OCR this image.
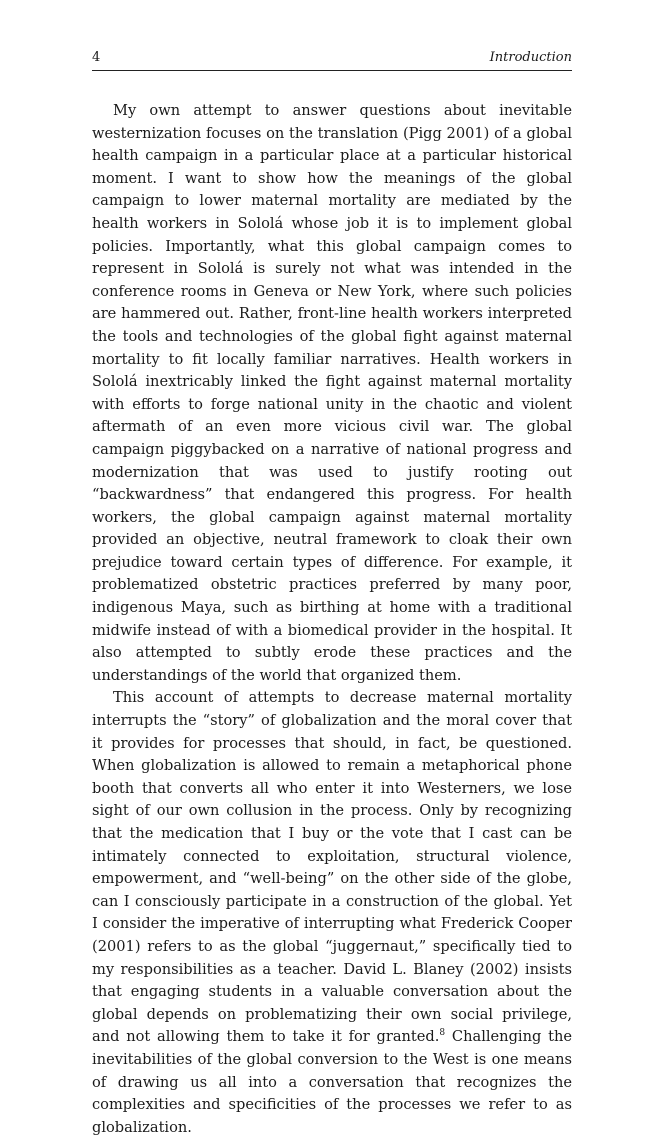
4	Introduction

My own attempt to answer questions about inevitable westernization focuses on the translation (Pigg 2001) of a global health campaign in a particular place at a particular historical moment. I want to show how the meanings of the global campaign to lower maternal mortality are mediated by the health workers in Sololá whose job it is to implement global policies. Importantly, what this global campaign comes to represent in Sololá is surely not what was intended in the conference rooms in Geneva or New York, where such policies are hammered out. Rather, front-line health workers interpreted the tools and technologies of the global fight against maternal mortality to fit locally familiar narratives. Health workers in Sololá inextricably linked the fight against maternal mortality with efforts to forge national unity in the chaotic and violent aftermath of an even more vicious civil war. The global campaign piggybacked on a narrative of national progress and modernization that was used to justify rooting out “backwardness” that endangered this progress. For health workers, the global campaign against maternal mortality provided an objective, neutral framework to cloak their own prejudice toward certain types of difference. For example, it problematized obstetric practices preferred by many poor, indigenous Maya, such as birthing at home with a traditional midwife instead of with a biomedical provider in the hospital. It also attempted to subtly erode these practices and the understandings of the world that organized them.

This account of attempts to decrease maternal mortality interrupts the “story” of globalization and the moral cover that it provides for processes that should, in fact, be questioned. When globalization is allowed to remain a metaphorical phone booth that converts all who enter it into Westerners, we lose sight of our own collusion in the process. Only by recognizing that the medication that I buy or the vote that I cast can be intimately connected to exploitation, structural violence, empowerment, and “well-being” on the other side of the globe, can I consciously participate in a construction of the global. Yet I consider the imperative of interrupting what Frederick Cooper (2001) refers to as the global “juggernaut,” specifically tied to my responsibilities as a teacher. David L. Blaney (2002) insists that engaging students in a valuable conversation about the global depends on problematizing their own social privilege, and not allowing them to take it for granted.$^8$ Challenging the inevitabilities of the global conversion to the West is one means of drawing us all into a conversation that recognizes the complexities and specificities of the processes we refer to as globalization.
